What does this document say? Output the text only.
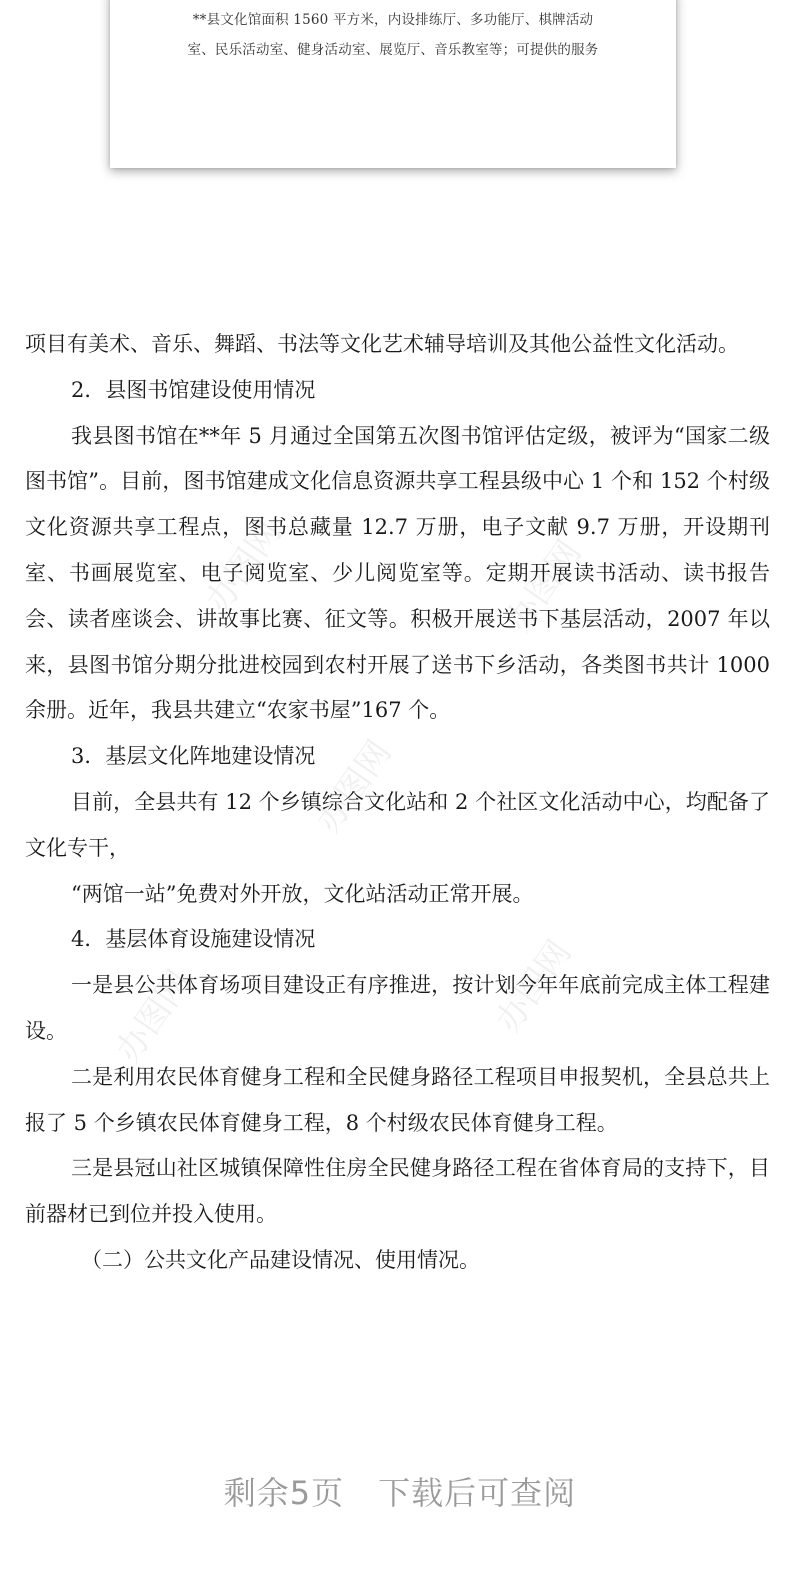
**县文化馆面积 1560 平方米，内设排练厅、多功能厅、棋牌活动
室、民乐活动室、健身活动室、展览厅、音乐教室等；可提供的服务
办图网	办图网
办图网
办图网	办图网

项目有美术、音乐、舞蹈、书法等文化艺术辅导培训及其他公益性文化活动。

2．县图书馆建设使用情况

我县图书馆在**年 5 月通过全国第五次图书馆评估定级，被评为“国家二级图书馆”。目前，图书馆建成文化信息资源共享工程县级中心 1 个和 152 个村级文化资源共享工程点，图书总藏量 12.7 万册，电子文献 9.7 万册，开设期刊室、书画展览室、电子阅览室、少儿阅览室等。定期开展读书活动、读书报告会、读者座谈会、讲故事比赛、征文等。积极开展送书下基层活动，2007 年以来，县图书馆分期分批进校园到农村开展了送书下乡活动，各类图书共计 1000 余册。近年，我县共建立“农家书屋”167 个。

3．基层文化阵地建设情况

目前，全县共有 12 个乡镇综合文化站和 2 个社区文化活动中心，均配备了文化专干，

“两馆一站”免费对外开放，文化站活动正常开展。

4．基层体育设施建设情况

一是县公共体育场项目建设正有序推进，按计划今年年底前完成主体工程建设。

二是利用农民体育健身工程和全民健身路径工程项目申报契机，全县总共上报了 5 个乡镇农民体育健身工程，8 个村级农民体育健身工程。

三是县冠山社区城镇保障性住房全民健身路径工程在省体育局的支持下，目前器材已到位并投入使用。

（二）公共文化产品建设情况、使用情况。

剩余5页 下载后可查阅
